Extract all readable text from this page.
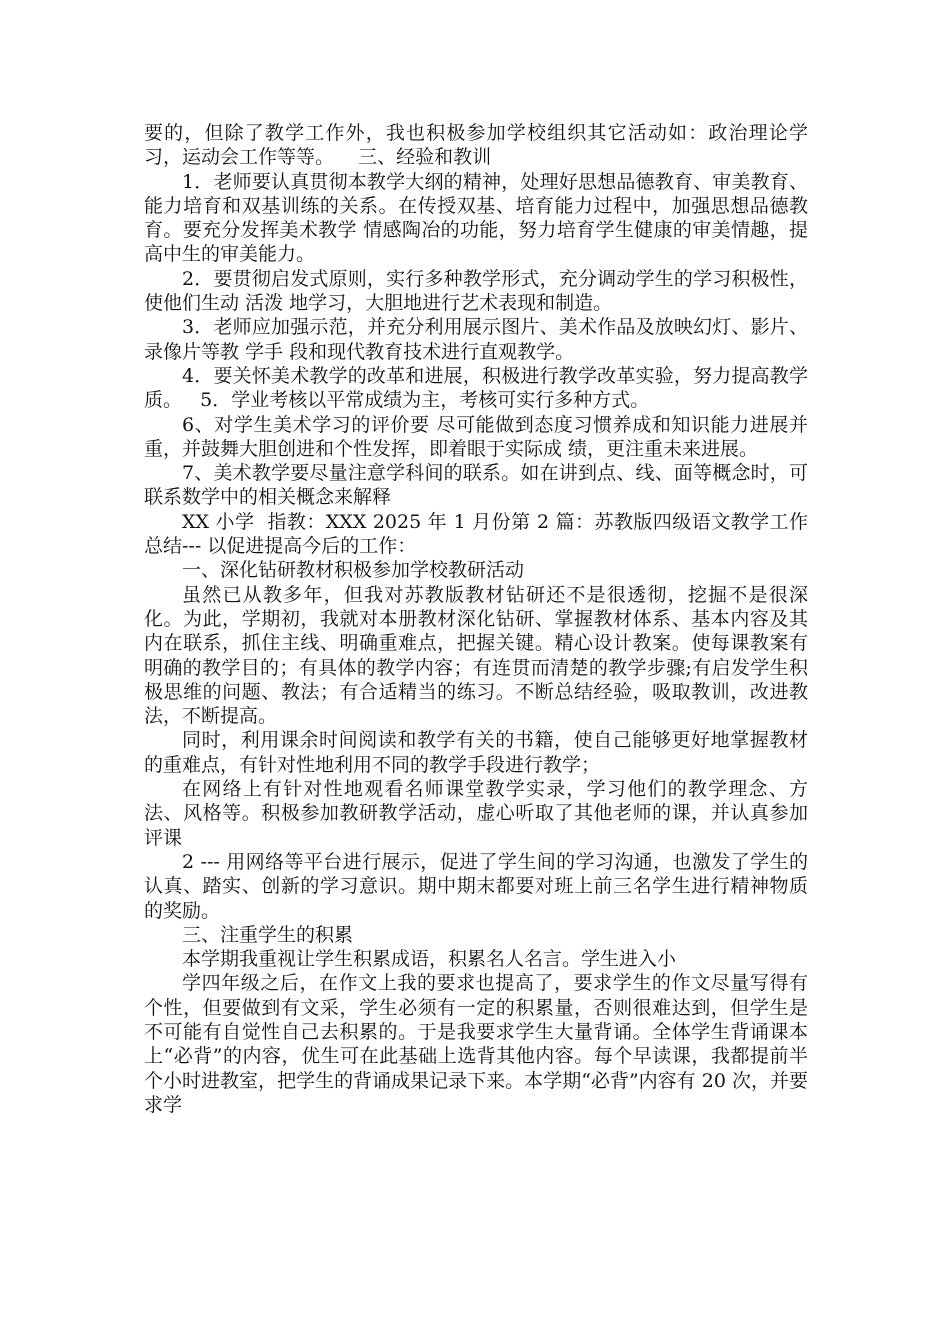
要的，但除了教学工作外，我也积极参加学校组织其它活动如：政治理论学习，运动会工作等等。    三、经验和教训

1．老师要认真贯彻本教学大纲的精神，处理好思想品德教育、审美教育、能力培育和双基训练的关系。在传授双基、培育能力过程中，加强思想品德教育。要充分发挥美术教学 情感陶冶的功能，努力培育学生健康的审美情趣，提高中生的审美能力。

2．要贯彻启发式原则，实行多种教学形式，充分调动学生的学习积极性，使他们生动 活泼 地学习，大胆地进行艺术表现和制造。

3．老师应加强示范，并充分利用展示图片、美术作品及放映幻灯、影片、录像片等教 学手 段和现代教育技术进行直观教学。

4．要关怀美术教学的改革和进展，积极进行教学改革实验，努力提高教学质。   5．学业考核以平常成绩为主，考核可实行多种方式。

6、对学生美术学习的评价要 尽可能做到态度习惯养成和知识能力进展并重，并鼓舞大胆创进和个性发挥，即着眼于实际成 绩，更注重未来进展。

7、美术教学要尽量注意学科间的联系。如在讲到点、线、面等概念时，可联系数学中的相关概念来解释

XX 小学  指教：XXX 2025 年 1 月份第 2 篇：苏教版四级语文教学工作总结--- 以促进提高今后的工作：

一、深化钻研教材积极参加学校教研活动

虽然已从教多年，但我对苏教版教材钻研还不是很透彻，挖掘不是很深化。为此，学期初，我就对本册教材深化钻研、掌握教材体系、基本内容及其内在联系，抓住主线、明确重难点，把握关键。精心设计教案。使每课教案有明确的教学目的；有具体的教学内容；有连贯而清楚的教学步骤;有启发学生积极思维的问题、教法；有合适精当的练习。不断总结经验，吸取教训，改进教法，不断提高。

同时，利用课余时间阅读和教学有关的书籍，使自己能够更好地掌握教材的重难点，有针对性地利用不同的教学手段进行教学；

在网络上有针对性地观看名师课堂教学实录，学习他们的教学理念、方法、风格等。积极参加教研教学活动，虚心听取了其他老师的课，并认真参加评课

2 --- 用网络等平台进行展示，促进了学生间的学习沟通，也激发了学生的认真、踏实、创新的学习意识。期中期末都要对班上前三名学生进行精神物质的奖励。

三、注重学生的积累

本学期我重视让学生积累成语，积累名人名言。学生进入小

学四年级之后，在作文上我的要求也提高了，要求学生的作文尽量写得有个性，但要做到有文采，学生必须有一定的积累量，否则很难达到，但学生是不可能有自觉性自己去积累的。于是我要求学生大量背诵。全体学生背诵课本上“必背”的内容，优生可在此基础上选背其他内容。每个早读课，我都提前半个小时进教室，把学生的背诵成果记录下来。本学期“必背”内容有 20 次，并要求学
